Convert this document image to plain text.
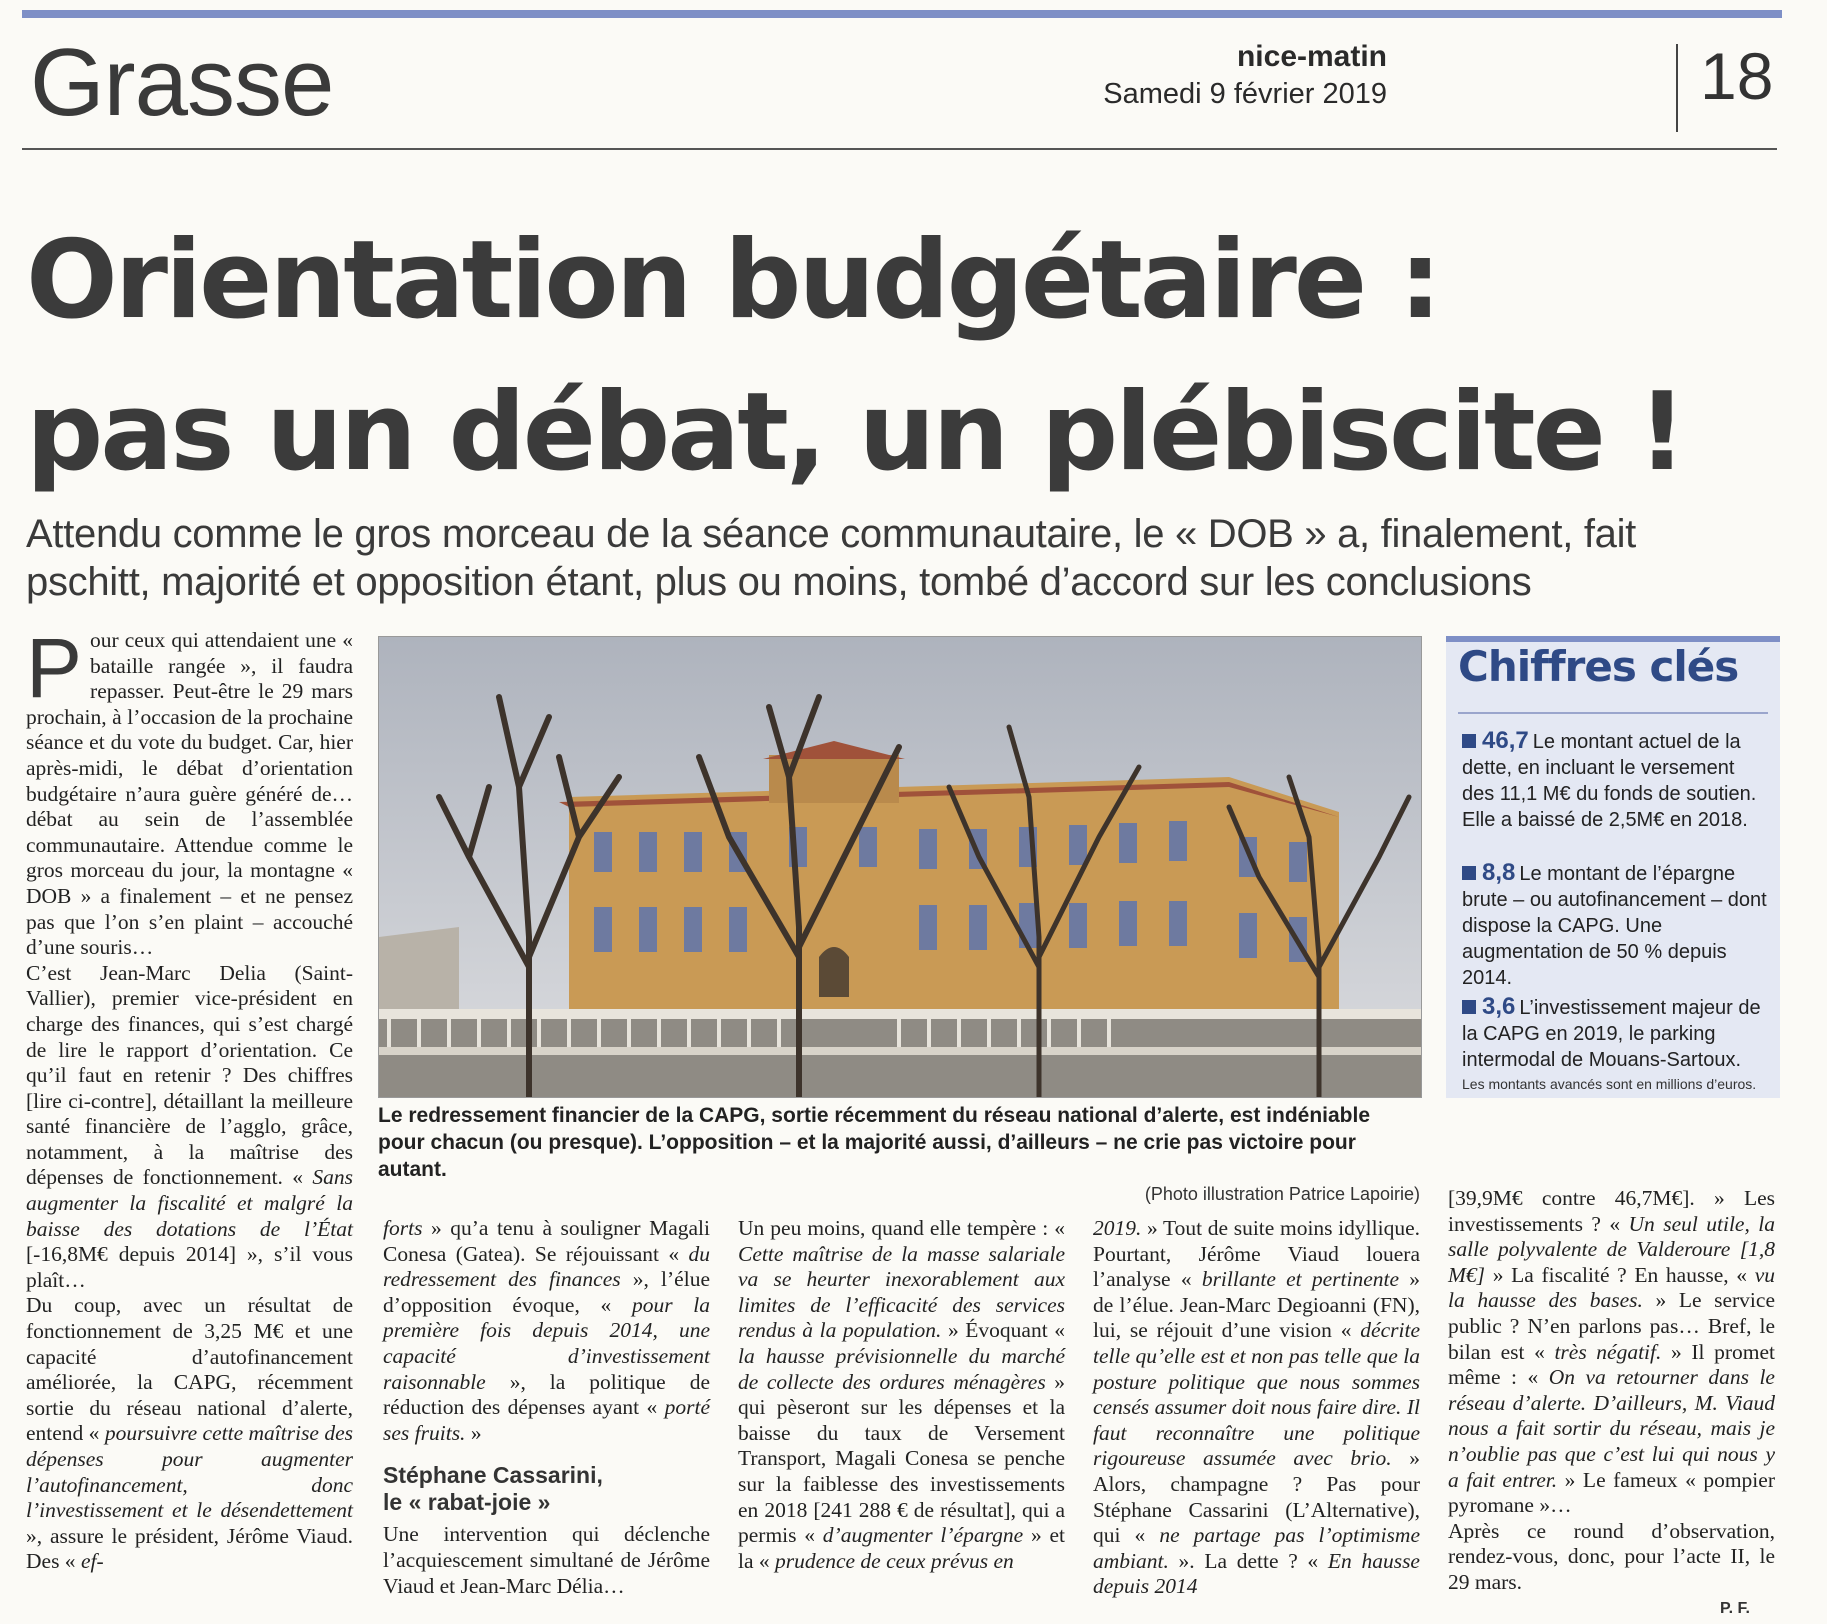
Grasse	nice-matin
Samedi 9 février 2019	18
Orientation budgétaire :
pas un débat, un plébiscite !
Attendu comme le gros morceau de la séance communautaire, le « DOB » a, finalement, fait
pschitt, majorité et opposition étant, plus ou moins, tombé d’accord sur les conclusions

Pour ceux qui attendaient une « bataille rangée », il faudra repasser. Peut-être le 29 mars prochain, à l’occasion de la prochaine séance et du vote du budget. Car, hier après-midi, le débat d’orientation budgétaire n’aura guère généré de… débat au sein de l’assemblée communautaire. Attendue comme le gros morceau du jour, la montagne « DOB » a finalement – et ne pensez pas que l’on s’en plaint – accouché d’une souris…

C’est Jean-Marc Delia (Saint-Vallier), premier vice-président en charge des finances, qui s’est chargé de lire le rapport d’orientation. Ce qu’il faut en retenir ? Des chiffres [lire ci-contre], détaillant la meilleure santé financière de l’agglo, grâce, notamment, à la maîtrise des dépenses de fonctionnement. « Sans augmenter la fiscalité et malgré la baisse des dotations de l’État [-16,8M€ depuis 2014] », s’il vous plaît…

Du coup, avec un résultat de fonctionnement de 3,25 M€ et une capacité d’autofinancement améliorée, la CAPG, récemment sortie du réseau national d’alerte, entend « poursuivre cette maîtrise des dépenses pour augmenter l’autofinancement, donc l’investissement et le désendettement », assure le président, Jérôme Viaud. Des « ef-

Le redressement financier de la CAPG, sortie récemment du réseau national d’alerte, est indéniable pour chacun (ou presque). L’opposition – et la majorité aussi, d’ailleurs – ne crie pas victoire pour autant.
(Photo illustration Patrice Lapoirie)

forts » qu’a tenu à souligner Magali Conesa (Gatea). Se réjouissant « du redressement des finances », l’élue d’opposition évoque, « pour la première fois depuis 2014, une capacité d’investissement raisonnable », la politique de réduction des dépenses ayant « porté ses fruits. »

Stéphane Cassarini,
le « rabat-joie »

Une intervention qui déclenche l’acquiescement simultané de Jérôme Viaud et Jean-Marc Délia…

Un peu moins, quand elle tempère : « Cette maîtrise de la masse salariale va se heurter inexorablement aux limites de l’efficacité des services rendus à la population. » Évoquant « la hausse prévisionnelle du marché de collecte des ordures ménagères » qui pèseront sur les dépenses et la baisse du taux de Versement Transport, Magali Conesa se penche sur la faiblesse des investissements en 2018 [241 288 € de résultat], qui a permis « d’augmenter l’épargne » et la « prudence de ceux prévus en

2019. » Tout de suite moins idyllique. Pourtant, Jérôme Viaud louera l’analyse « brillante et pertinente » de l’élue. Jean-Marc Degioanni (FN), lui, se réjouit d’une vision « décrite telle qu’elle est et non pas telle que la posture politique que nous sommes censés assumer doit nous faire dire. Il faut reconnaître une politique rigoureuse assumée avec brio. » Alors, champagne ? Pas pour Stéphane Cassarini (L’Alternative), qui « ne partage pas l’optimisme ambiant. ». La dette ? « En hausse depuis 2014

[39,9M€ contre 46,7M€]. » Les investissements ? « Un seul utile, la salle polyvalente de Valderoure [1,8 M€] » La fiscalité ? En hausse, « vu la hausse des bases. » Le service public ? N’en parlons pas… Bref, le bilan est « très négatif. » Il promet même : « On va retourner dans le réseau d’alerte. D’ailleurs, M. Viaud nous a fait sortir du réseau, mais je n’oublie pas que c’est lui qui nous y a fait entrer. » Le fameux « pompier pyromane »…

Après ce round d’observation, rendez-vous, donc, pour l’acte II, le 29 mars.

P. F.
Chiffres clés
46,7 Le montant actuel de la dette, en incluant le versement des 11,1 M€ du fonds de soutien. Elle a baissé de 2,5M€ en 2018.
8,8 Le montant de l’épargne brute – ou autofinancement – dont dispose la CAPG. Une augmentation de 50 % depuis 2014.
3,6 L’investissement majeur de la CAPG en 2019, le parking intermodal de Mouans-Sartoux.
Les montants avancés sont en millions d’euros.
